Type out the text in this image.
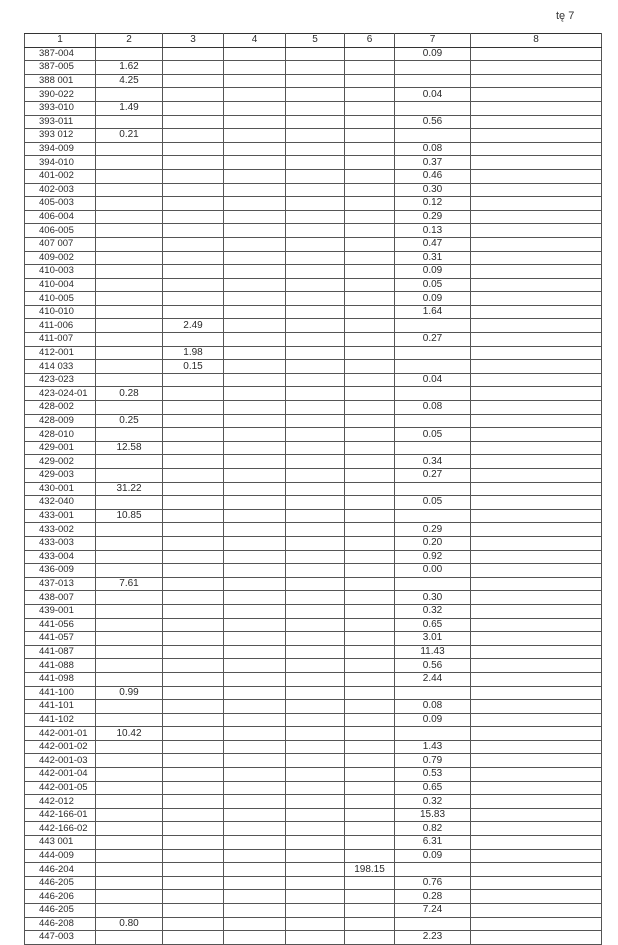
tę 7
1	2	3	4	5	6	7	8
387-004						0.09	
387-005	1.62						
388 001	4.25						
390-022						0.04	
393-010	1.49						
393-011						0.56	
393 012	0.21						
394-009						0.08	
394-010						0.37	
401-002						0.46	
402-003						0.30	
405-003						0.12	
406-004						0.29	
406-005						0.13	
407 007						0.47	
409-002						0.31	
410-003						0.09	
410-004						0.05	
410-005						0.09	
410-010						1.64	
411-006		2.49					
411-007						0.27	
412-001		1.98					
414 033		0.15					
423-023						0.04	
423-024-01	0.28						
428-002						0.08	
428-009	0.25						
428-010						0.05	
429-001	12.58						
429-002						0.34	
429-003						0.27	
430-001	31.22						
432-040						0.05	
433-001	10.85						
433-002						0.29	
433-003						0.20	
433-004						0.92	
436-009						0.00	
437-013	7.61						
438-007						0.30	
439-001						0.32	
441-056						0.65	
441-057						3.01	
441-087						11.43	
441-088						0.56	
441-098						2.44	
441-100	0.99						
441-101						0.08	
441-102						0.09	
442-001-01	10.42						
442-001-02						1.43	
442-001-03						0.79	
442-001-04						0.53	
442-001-05						0.65	
442-012						0.32	
442-166-01						15.83	
442-166-02						0.82	
443 001						6.31	
444-009						0.09	
446-204					198.15		
446-205						0.76	
446-206						0.28	
446-205						7.24	
446-208	0.80						
447-003						2.23	
